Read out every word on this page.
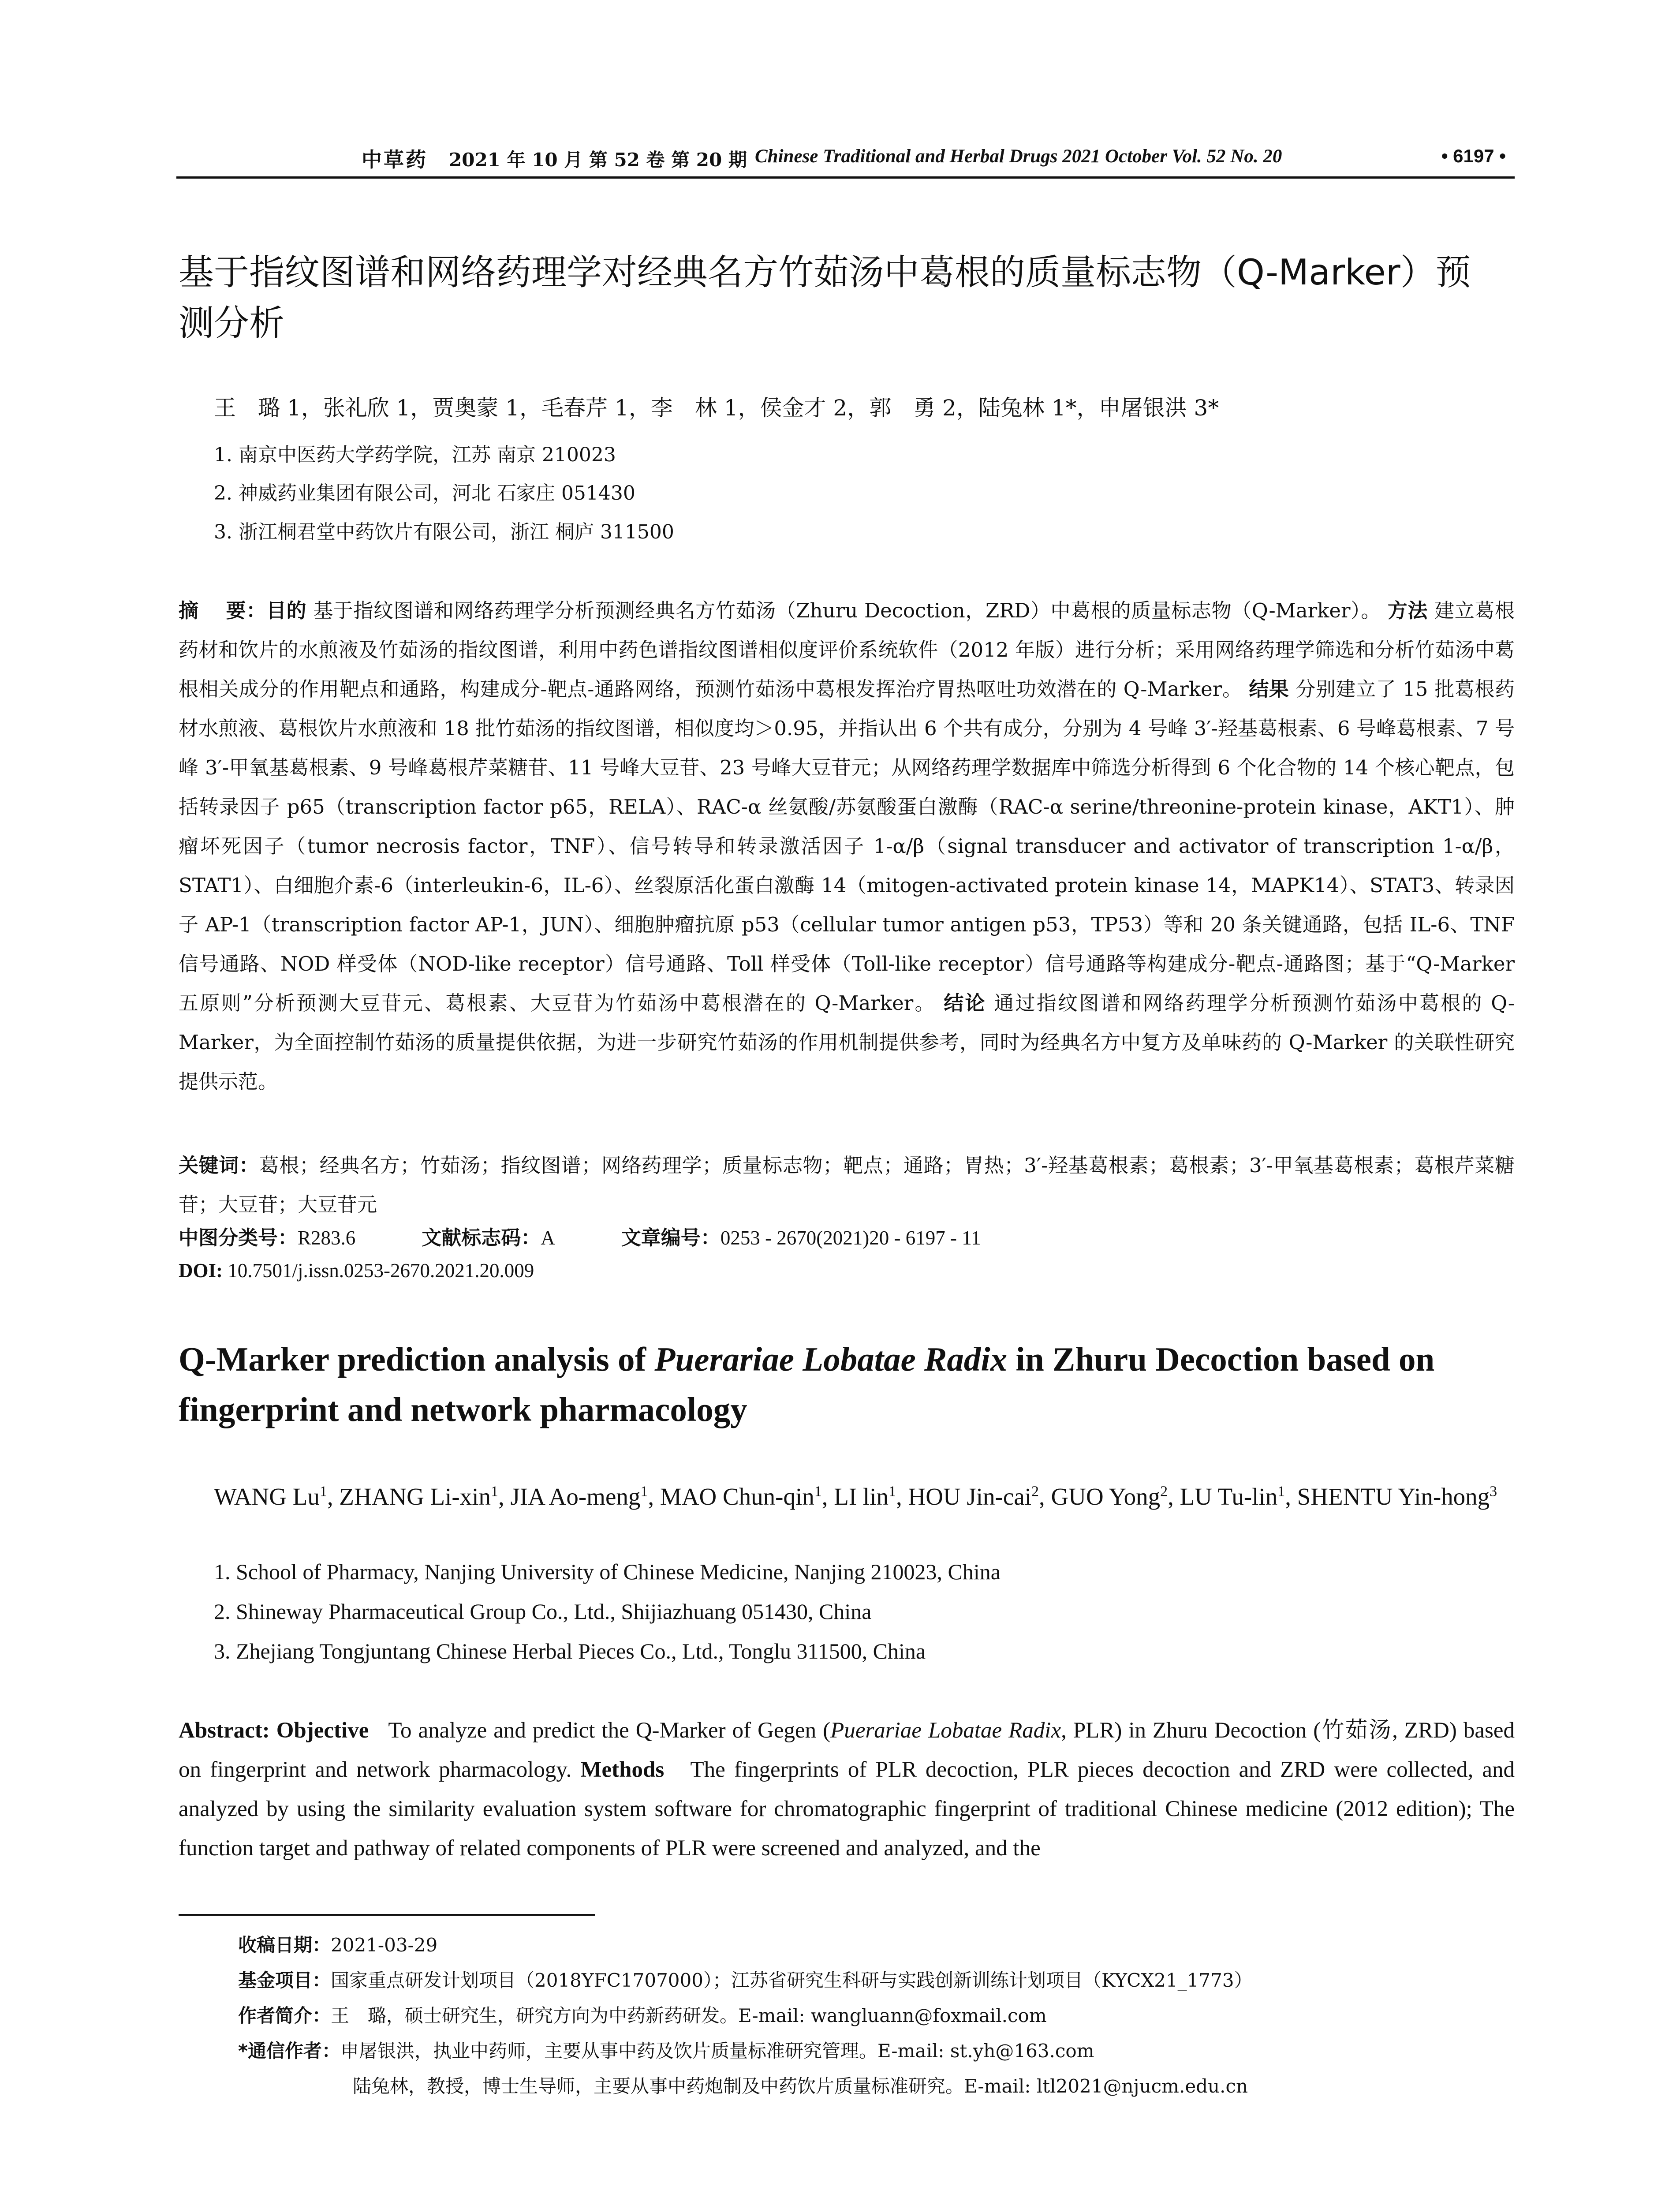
中草药 2021 年 10 月 第 52 卷 第 20 期 Chinese Traditional and Herbal Drugs 2021 October Vol. 52 No. 20	• 6197 •
基于指纹图谱和网络药理学对经典名方竹茹汤中葛根的质量标志物（Q-Marker）预测分析
王　璐 1，张礼欣 1，贾奥蒙 1，毛春芹 1，李　林 1，侯金才 2，郭　勇 2，陆兔林 1*，申屠银洪 3*
1. 南京中医药大学药学院，江苏 南京 210023
2. 神威药业集团有限公司，河北 石家庄 051430
3. 浙江桐君堂中药饮片有限公司，浙江 桐庐 311500
摘　 要：目的 基于指纹图谱和网络药理学分析预测经典名方竹茹汤（Zhuru Decoction，ZRD）中葛根的质量标志物（Q-Marker）。 方法 建立葛根药材和饮片的水煎液及竹茹汤的指纹图谱，利用中药色谱指纹图谱相似度评价系统软件（2012 年版）进行分析；采用网络药理学筛选和分析竹茹汤中葛根相关成分的作用靶点和通路，构建成分-靶点-通路网络，预测竹茹汤中葛根发挥治疗胃热呕吐功效潜在的 Q-Marker。 结果 分别建立了 15 批葛根药材水煎液、葛根饮片水煎液和 18 批竹茹汤的指纹图谱，相似度均＞0.95，并指认出 6 个共有成分，分别为 4 号峰 3′-羟基葛根素、6 号峰葛根素、7 号峰 3′-甲氧基葛根素、9 号峰葛根芹菜糖苷、11 号峰大豆苷、23 号峰大豆苷元；从网络药理学数据库中筛选分析得到 6 个化合物的 14 个核心靶点，包括转录因子 p65（transcription factor p65，RELA）、RAC-α 丝氨酸/苏氨酸蛋白激酶（RAC-α serine/threonine-protein kinase，AKT1）、肿瘤坏死因子（tumor necrosis factor，TNF）、信号转导和转录激活因子 1-α/β（signal transducer and activator of transcription 1-α/β，STAT1）、白细胞介素-6（interleukin-6，IL-6）、丝裂原活化蛋白激酶 14（mitogen-activated protein kinase 14，MAPK14）、STAT3、转录因子 AP-1（transcription factor AP-1，JUN）、细胞肿瘤抗原 p53（cellular tumor antigen p53，TP53）等和 20 条关键通路，包括 IL-6、TNF 信号通路、NOD 样受体（NOD-like receptor）信号通路、Toll 样受体（Toll-like receptor）信号通路等构建成分-靶点-通路图；基于“Q-Marker 五原则”分析预测大豆苷元、葛根素、大豆苷为竹茹汤中葛根潜在的 Q-Marker。 结论 通过指纹图谱和网络药理学分析预测竹茹汤中葛根的 Q-Marker，为全面控制竹茹汤的质量提供依据，为进一步研究竹茹汤的作用机制提供参考，同时为经典名方中复方及单味药的 Q-Marker 的关联性研究提供示范。
关键词：葛根；经典名方；竹茹汤；指纹图谱；网络药理学；质量标志物；靶点；通路；胃热；3′-羟基葛根素；葛根素；3′-甲氧基葛根素；葛根芹菜糖苷；大豆苷；大豆苷元
中图分类号：R283.6	文献标志码：A	文章编号：0253 - 2670(2021)20 - 6197 - 11
DOI: 10.7501/j.issn.0253-2670.2021.20.009
Q-Marker prediction analysis of Puerariae Lobatae Radix in Zhuru Decoction based on fingerprint and network pharmacology
WANG Lu$^1$, ZHANG Li-xin$^1$, JIA Ao-meng$^1$, MAO Chun-qin$^1$, LI lin$^1$, HOU Jin-cai$^2$, GUO Yong$^2$, LU Tu-lin$^1$, SHENTU Yin-hong$^3$
1. School of Pharmacy, Nanjing University of Chinese Medicine, Nanjing 210023, China
2. Shineway Pharmaceutical Group Co., Ltd., Shijiazhuang 051430, China
3. Zhejiang Tongjuntang Chinese Herbal Pieces Co., Ltd., Tonglu 311500, China
Abstract: Objective To analyze and predict the Q-Marker of Gegen (Puerariae Lobatae Radix, PLR) in Zhuru Decoction (竹茹汤, ZRD) based on fingerprint and network pharmacology. Methods The fingerprints of PLR decoction, PLR pieces decoction and ZRD were collected, and analyzed by using the similarity evaluation system software for chromatographic fingerprint of traditional Chinese medicine (2012 edition); The function target and pathway of related components of PLR were screened and analyzed, and the
收稿日期：2021-03-29
基金项目：国家重点研发计划项目（2018YFC1707000）；江苏省研究生科研与实践创新训练计划项目（KYCX21_1773）
作者简介：王　璐，硕士研究生，研究方向为中药新药研发。E-mail: wangluann@foxmail.com
*通信作者：申屠银洪，执业中药师，主要从事中药及饮片质量标准研究管理。E-mail: st.yh@163.com
陆兔林，教授，博士生导师，主要从事中药炮制及中药饮片质量标准研究。E-mail: ltl2021@njucm.edu.cn
